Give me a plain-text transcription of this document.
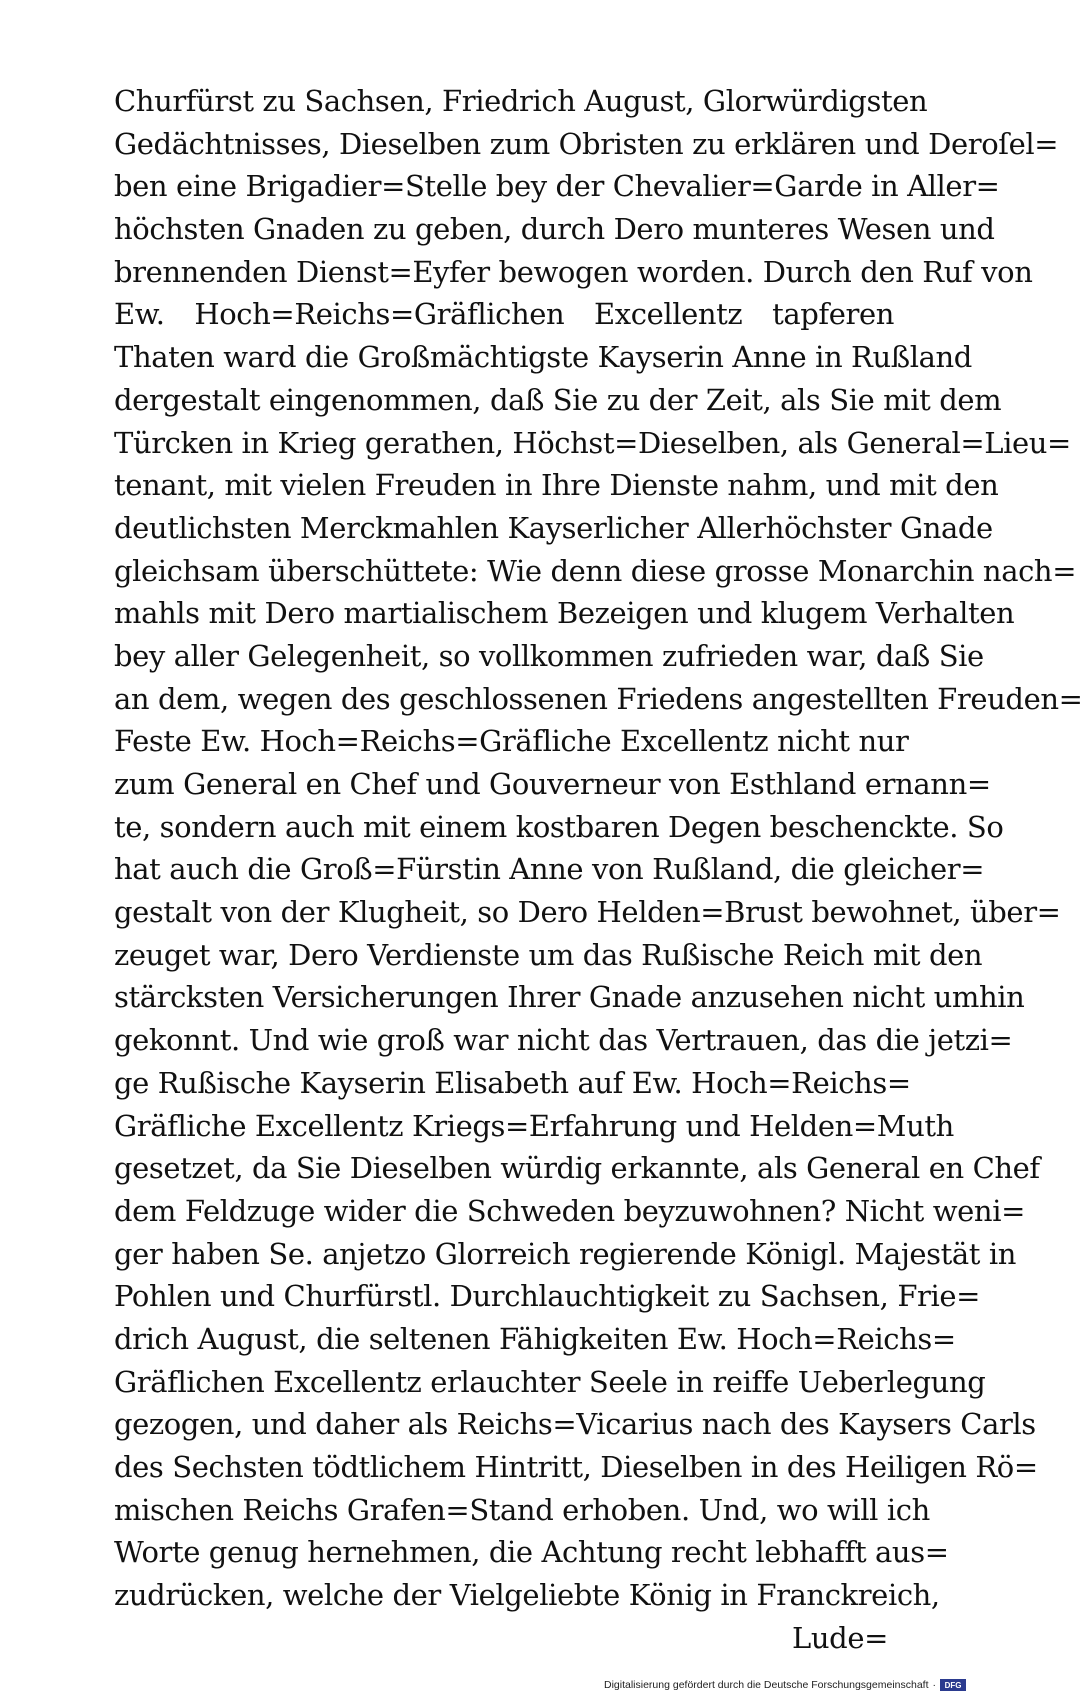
Churfürst zu Sachsen, Friedrich August, Glorwürdigsten
Gedächtnisses, Dieselben zum Obristen zu erklären und Deroſel=
ben eine Brigadier=Stelle bey der Chevalier=Garde in Aller=
höchsten Gnaden zu geben, durch Dero munteres Wesen und
brennenden Dienst=Eyfer bewogen worden. Durch den Ruf von
Ew. Hoch=Reichs=Gräflichen Excellentz tapferen
Thaten ward die Großmächtigste Kayserin Anne in Rußland
dergestalt eingenommen, daß Sie zu der Zeit, als Sie mit dem
Türcken in Krieg gerathen, Höchst=Dieselben, als General=Lieu=
tenant, mit vielen Freuden in Ihre Dienste nahm, und mit den
deutlichsten Merckmahlen Kayserlicher Allerhöchster Gnade
gleichsam überschüttete: Wie denn diese grosse Monarchin nach=
mahls mit Dero martialischem Bezeigen und klugem Verhalten
bey aller Gelegenheit, so vollkommen zufrieden war, daß Sie
an dem, wegen des geschlossenen Friedens angestellten Freuden=
Feste Ew. Hoch=Reichs=Gräfliche Excellentz nicht nur
zum General en Chef und Gouverneur von Esthland ernann=
te, sondern auch mit einem kostbaren Degen beschenckte. So
hat auch die Groß=Fürstin Anne von Rußland, die gleicher=
gestalt von der Klugheit, so Dero Helden=Brust bewohnet, über=
zeuget war, Dero Verdienste um das Rußische Reich mit den
stärcksten Versicherungen Ihrer Gnade anzusehen nicht umhin
gekonnt. Und wie groß war nicht das Vertrauen, das die jetzi=
ge Rußische Kayserin Elisabeth auf Ew. Hoch=Reichs=
Gräfliche Excellentz Kriegs=Erfahrung und Helden=Muth
gesetzet, da Sie Dieselben würdig erkannte, als General en Chef
dem Feldzuge wider die Schweden beyzuwohnen? Nicht weni=
ger haben Se. anjetzo Glorreich regierende Königl. Majestät in
Pohlen und Churfürstl. Durchlauchtigkeit zu Sachsen, Frie=
drich August, die seltenen Fähigkeiten Ew. Hoch=Reichs=
Gräflichen Excellentz erlauchter Seele in reiffe Ueberlegung
gezogen, und daher als Reichs=Vicarius nach des Kaysers Carls
des Sechsten tödtlichem Hintritt, Dieselben in des Heiligen Rö=
mischen Reichs Grafen=Stand erhoben. Und, wo will ich
Worte genug hernehmen, die Achtung recht lebhafft aus=
zudrücken, welche der Vielgeliebte König in Franckreich,
Lude=
Digitalisierung gefördert durch die Deutsche Forschungsgemeinschaft ·	DFG
